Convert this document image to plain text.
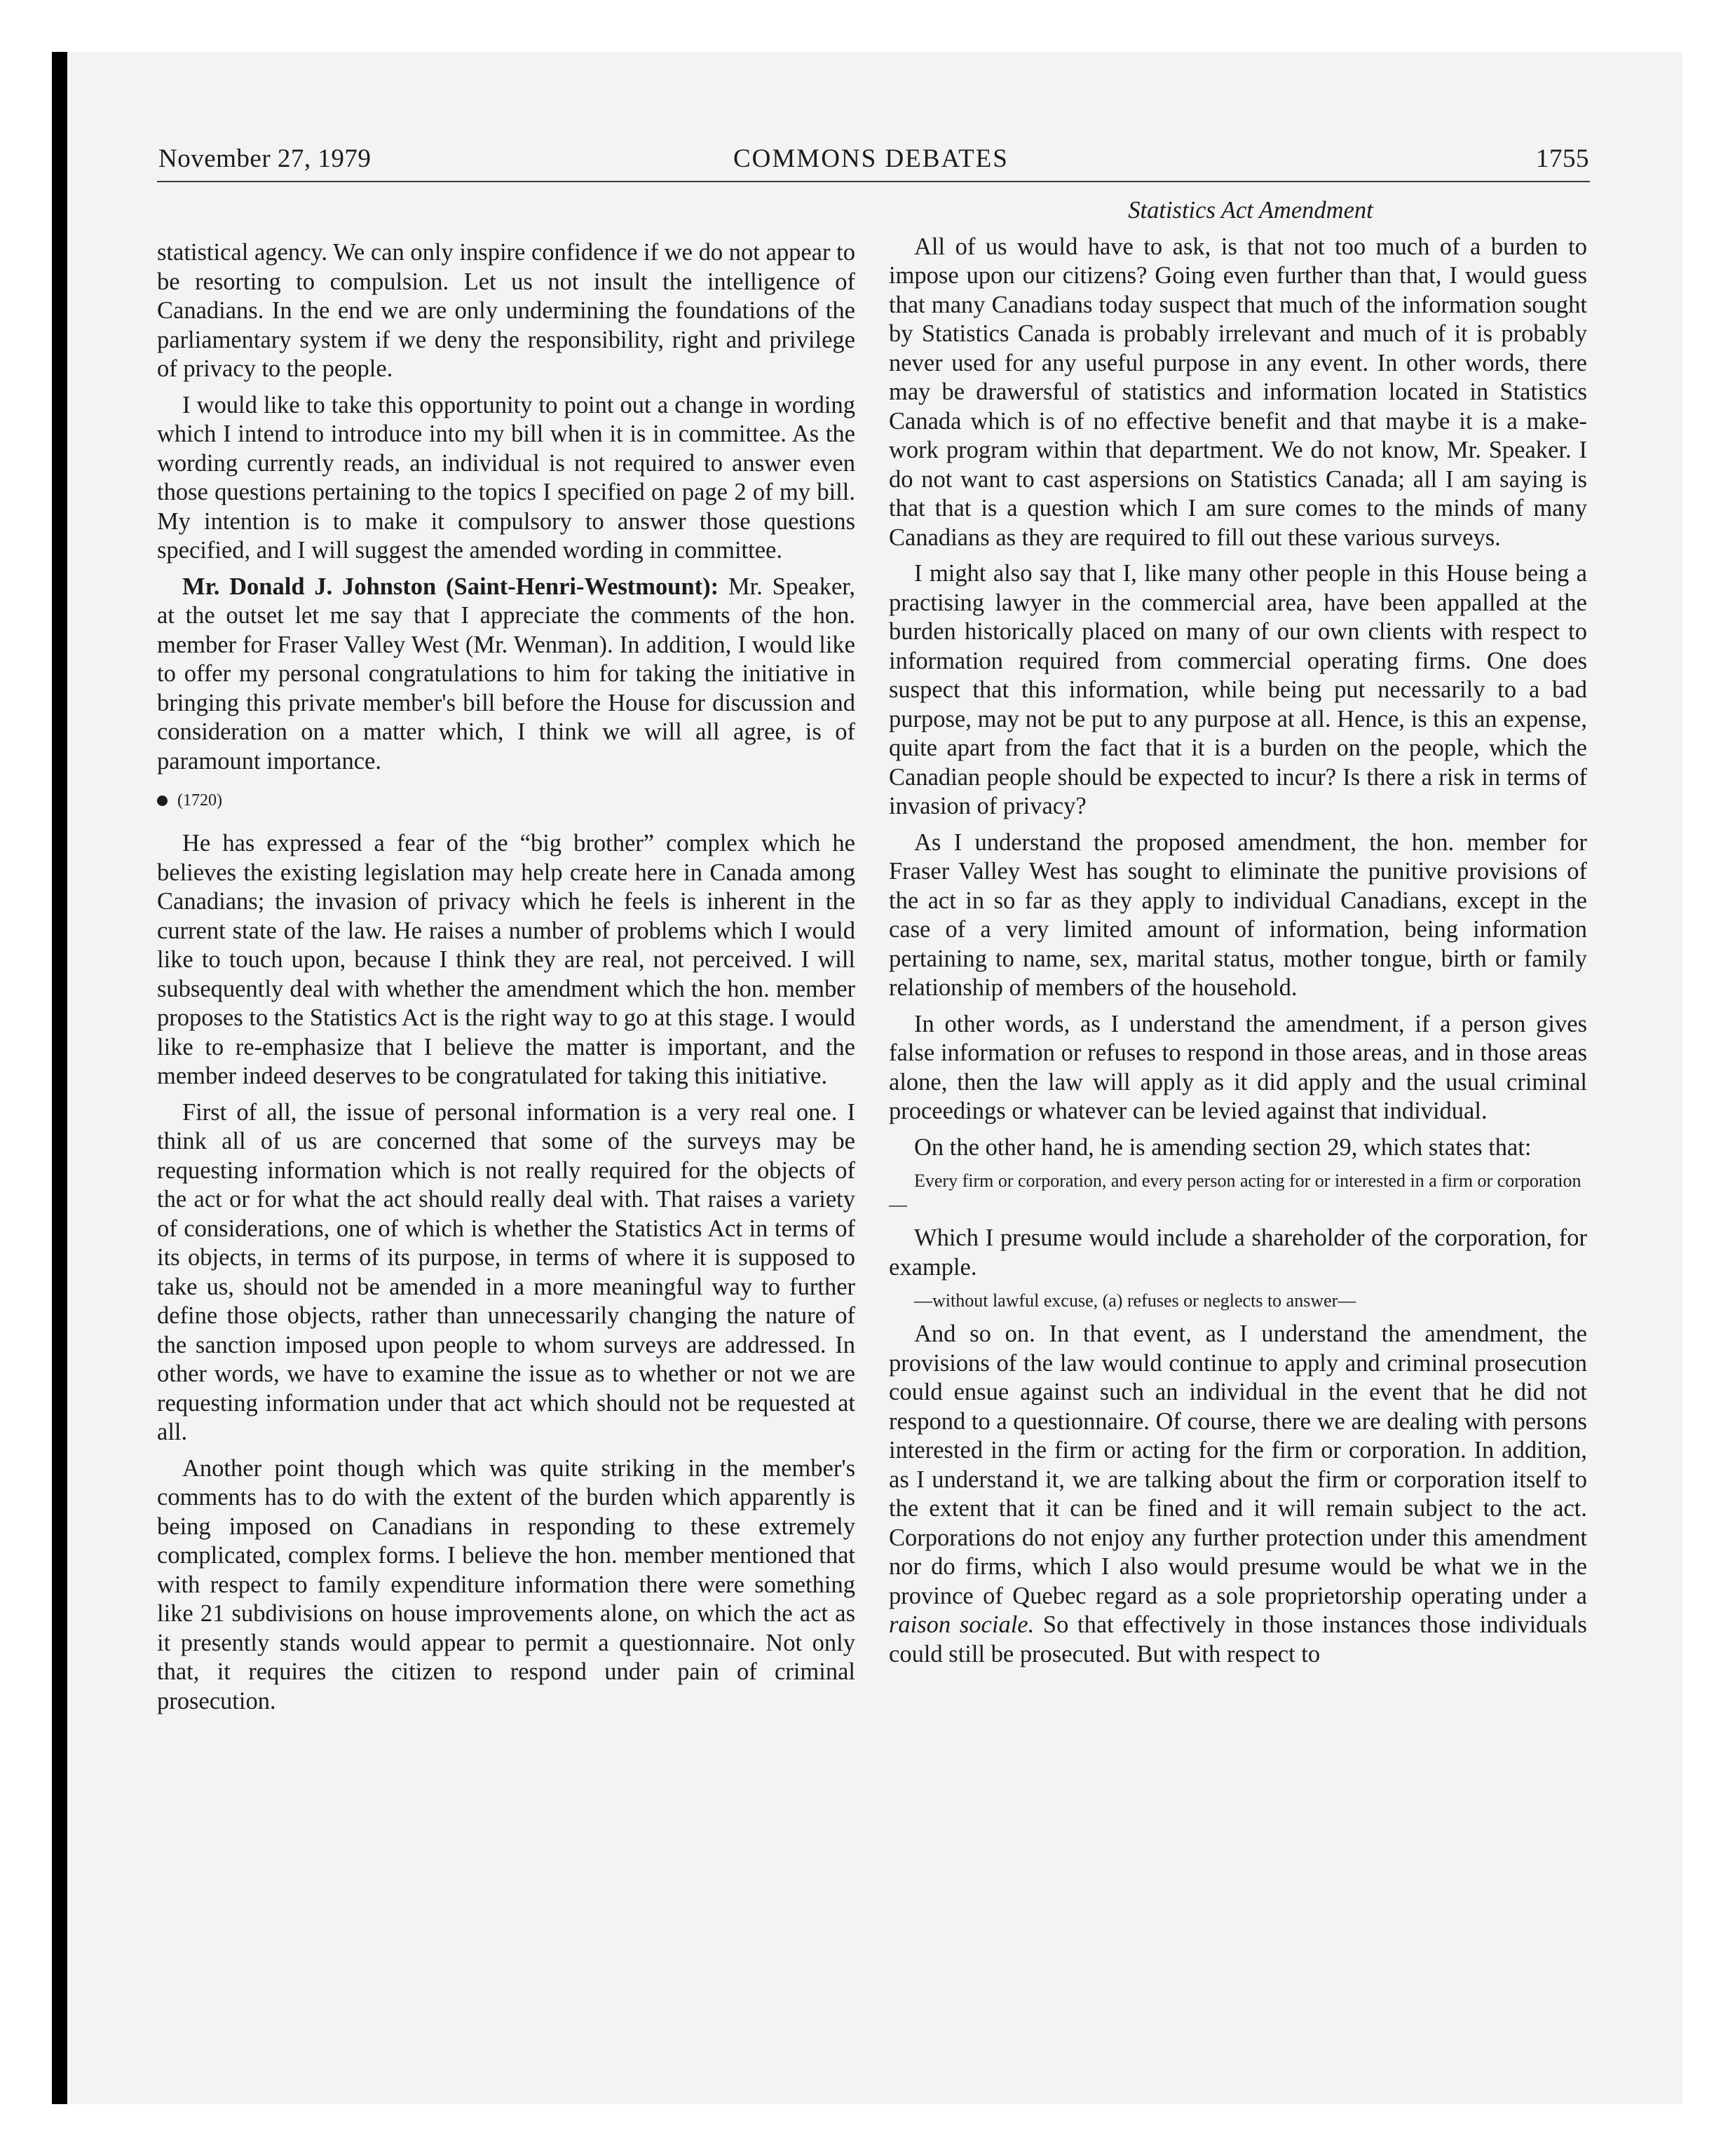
November 27, 1979	COMMONS DEBATES	1755

statistical agency. We can only inspire confidence if we do not appear to be resorting to compulsion. Let us not insult the intelligence of Canadians. In the end we are only undermining the foundations of the parliamentary system if we deny the responsibility, right and privilege of privacy to the people.

I would like to take this opportunity to point out a change in wording which I intend to introduce into my bill when it is in committee. As the wording currently reads, an individual is not required to answer even those questions pertaining to the topics I specified on page 2 of my bill. My intention is to make it compulsory to answer those questions specified, and I will suggest the amended wording in committee.

Mr. Donald J. Johnston (Saint-Henri-Westmount): Mr. Speaker, at the outset let me say that I appreciate the comments of the hon. member for Fraser Valley West (Mr. Wenman). In addition, I would like to offer my personal congratulations to him for taking the initiative in bringing this private member's bill before the House for discussion and consideration on a matter which, I think we will all agree, is of paramount importance.

(1720)

He has expressed a fear of the “big brother” complex which he believes the existing legislation may help create here in Canada among Canadians; the invasion of privacy which he feels is inherent in the current state of the law. He raises a number of problems which I would like to touch upon, because I think they are real, not perceived. I will subsequently deal with whether the amendment which the hon. member proposes to the Statistics Act is the right way to go at this stage. I would like to re-emphasize that I believe the matter is important, and the member indeed deserves to be congratulated for taking this initiative.

First of all, the issue of personal information is a very real one. I think all of us are concerned that some of the surveys may be requesting information which is not really required for the objects of the act or for what the act should really deal with. That raises a variety of considerations, one of which is whether the Statistics Act in terms of its objects, in terms of its purpose, in terms of where it is supposed to take us, should not be amended in a more meaningful way to further define those objects, rather than unnecessarily changing the nature of the sanction imposed upon people to whom surveys are addressed. In other words, we have to examine the issue as to whether or not we are requesting information under that act which should not be requested at all.

Another point though which was quite striking in the member's comments has to do with the extent of the burden which apparently is being imposed on Canadians in responding to these extremely complicated, complex forms. I believe the hon. member mentioned that with respect to family expenditure information there were something like 21 subdivisions on house improvements alone, on which the act as it presently stands would appear to permit a questionnaire. Not only that, it requires the citizen to respond under pain of criminal prosecution.

Statistics Act Amendment

All of us would have to ask, is that not too much of a burden to impose upon our citizens? Going even further than that, I would guess that many Canadians today suspect that much of the information sought by Statistics Canada is probably irrelevant and much of it is probably never used for any useful purpose in any event. In other words, there may be drawersful of statistics and information located in Statistics Canada which is of no effective benefit and that maybe it is a make-work program within that department. We do not know, Mr. Speaker. I do not want to cast aspersions on Statistics Canada; all I am saying is that that is a question which I am sure comes to the minds of many Canadians as they are required to fill out these various surveys.

I might also say that I, like many other people in this House being a practising lawyer in the commercial area, have been appalled at the burden historically placed on many of our own clients with respect to information required from commercial operating firms. One does suspect that this information, while being put necessarily to a bad purpose, may not be put to any purpose at all. Hence, is this an expense, quite apart from the fact that it is a burden on the people, which the Canadian people should be expected to incur? Is there a risk in terms of invasion of privacy?

As I understand the proposed amendment, the hon. member for Fraser Valley West has sought to eliminate the punitive provisions of the act in so far as they apply to individual Canadians, except in the case of a very limited amount of information, being information pertaining to name, sex, marital status, mother tongue, birth or family relationship of members of the household.

In other words, as I understand the amendment, if a person gives false information or refuses to respond in those areas, and in those areas alone, then the law will apply as it did apply and the usual criminal proceedings or whatever can be levied against that individual.

On the other hand, he is amending section 29, which states that:

Every firm or corporation, and every person acting for or interested in a firm or corporation—

Which I presume would include a shareholder of the corporation, for example.

—without lawful excuse, (a) refuses or neglects to answer—

And so on. In that event, as I understand the amendment, the provisions of the law would continue to apply and criminal prosecution could ensue against such an individual in the event that he did not respond to a questionnaire. Of course, there we are dealing with persons interested in the firm or acting for the firm or corporation. In addition, as I understand it, we are talking about the firm or corporation itself to the extent that it can be fined and it will remain subject to the act. Corporations do not enjoy any further protection under this amendment nor do firms, which I also would presume would be what we in the province of Quebec regard as a sole proprietorship operating under a raison sociale. So that effectively in those instances those individuals could still be prosecuted. But with respect to
